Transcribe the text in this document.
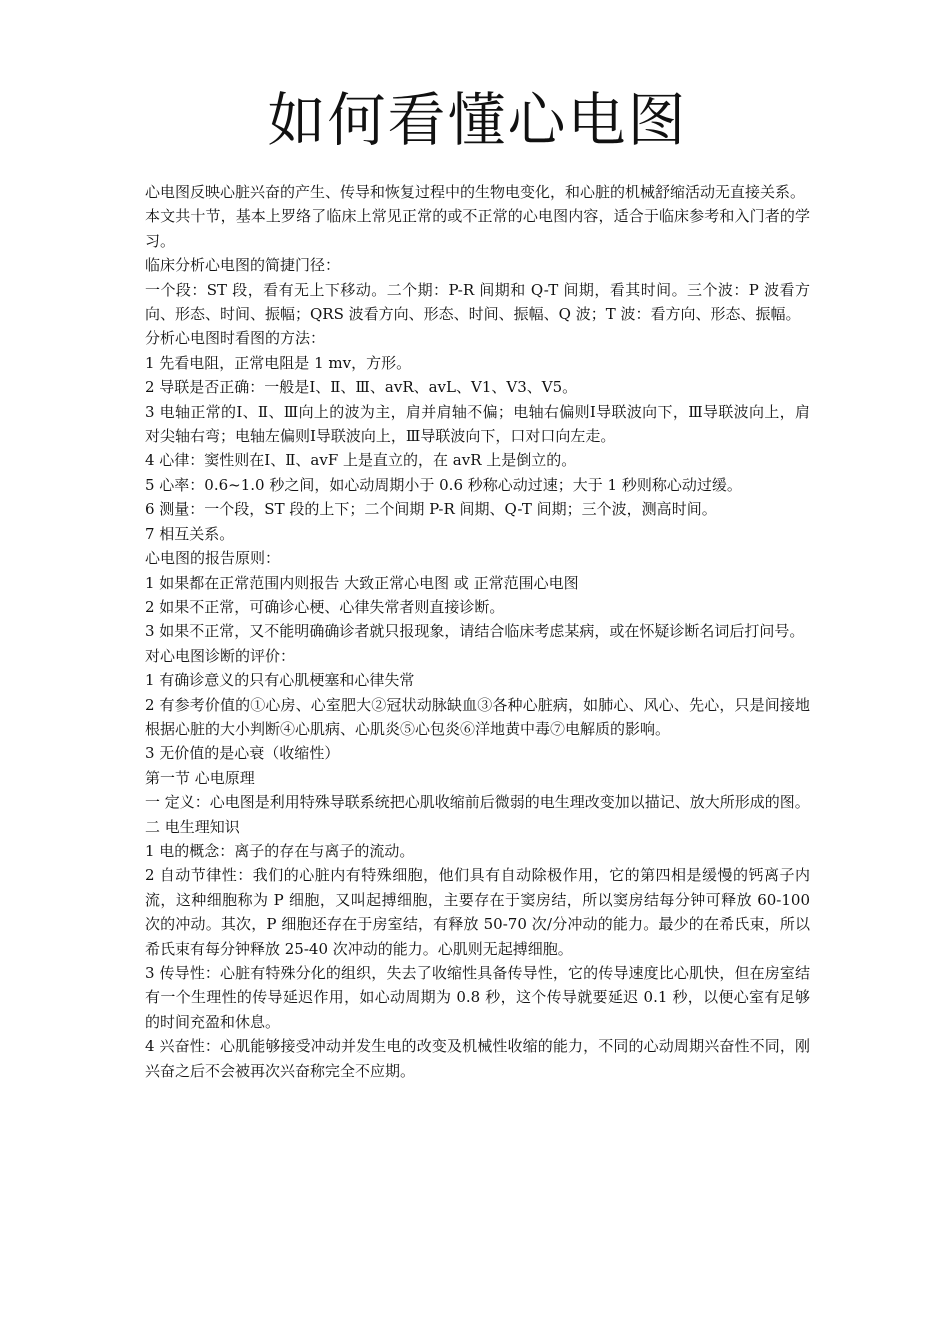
如何看懂心电图

心电图反映心脏兴奋的产生、传导和恢复过程中的生物电变化，和心脏的机械舒缩活动无直接关系。

本文共十节，基本上罗络了临床上常见正常的或不正常的心电图内容，适合于临床参考和入门者的学习。

临床分析心电图的简捷门径：

一个段：ST 段，看有无上下移动。二个期：P-R 间期和 Q-T 间期，看其时间。三个波：P 波看方向、形态、时间、振幅；QRS 波看方向、形态、时间、振幅、Q 波；T 波：看方向、形态、振幅。

分析心电图时看图的方法：

1 先看电阻，正常电阻是 1 mv，方形。

2 导联是否正确：一般是Ⅰ、Ⅱ、Ⅲ、avR、avL、V1、V3、V5。

3 电轴正常的Ⅰ、Ⅱ、Ⅲ向上的波为主，肩并肩轴不偏；电轴右偏则Ⅰ导联波向下，Ⅲ导联波向上，肩对尖轴右弯；电轴左偏则Ⅰ导联波向上，Ⅲ导联波向下，口对口向左走。

4 心律：窦性则在Ⅰ、Ⅱ、avF 上是直立的，在 avR 上是倒立的。

5 心率：0.6~1.0 秒之间，如心动周期小于 0.6 秒称心动过速；大于 1 秒则称心动过缓。

6 测量：一个段，ST 段的上下；二个间期 P-R 间期、Q-T 间期；三个波，测高时间。

7 相互关系。

心电图的报告原则：

1 如果都在正常范围内则报告 大致正常心电图 或 正常范围心电图

2 如果不正常，可确诊心梗、心律失常者则直接诊断。

3 如果不正常，又不能明确确诊者就只报现象，请结合临床考虑某病，或在怀疑诊断名词后打问号。

对心电图诊断的评价：

1 有确诊意义的只有心肌梗塞和心律失常

2 有参考价值的①心房、心室肥大②冠状动脉缺血③各种心脏病，如肺心、风心、先心，只是间接地根据心脏的大小判断④心肌病、心肌炎⑤心包炎⑥洋地黄中毒⑦电解质的影响。

3 无价值的是心衰（收缩性）

第一节 心电原理

一 定义：心电图是利用特殊导联系统把心肌收缩前后微弱的电生理改变加以描记、放大所形成的图。

二 电生理知识

1 电的概念：离子的存在与离子的流动。

2 自动节律性：我们的心脏内有特殊细胞，他们具有自动除极作用，它的第四相是缓慢的钙离子内流，这种细胞称为 P 细胞，又叫起搏细胞，主要存在于窦房结，所以窦房结每分钟可释放 60-100 次的冲动。其次，P 细胞还存在于房室结，有释放 50-70 次/分冲动的能力。最少的在希氏束，所以希氏束有每分钟释放 25-40 次冲动的能力。心肌则无起搏细胞。

3 传导性：心脏有特殊分化的组织，失去了收缩性具备传导性，它的传导速度比心肌快，但在房室结有一个生理性的传导延迟作用，如心动周期为 0.8 秒，这个传导就要延迟 0.1 秒，以便心室有足够的时间充盈和休息。

4 兴奋性：心肌能够接受冲动并发生电的改变及机械性收缩的能力，不同的心动周期兴奋性不同，刚兴奋之后不会被再次兴奋称完全不应期。
